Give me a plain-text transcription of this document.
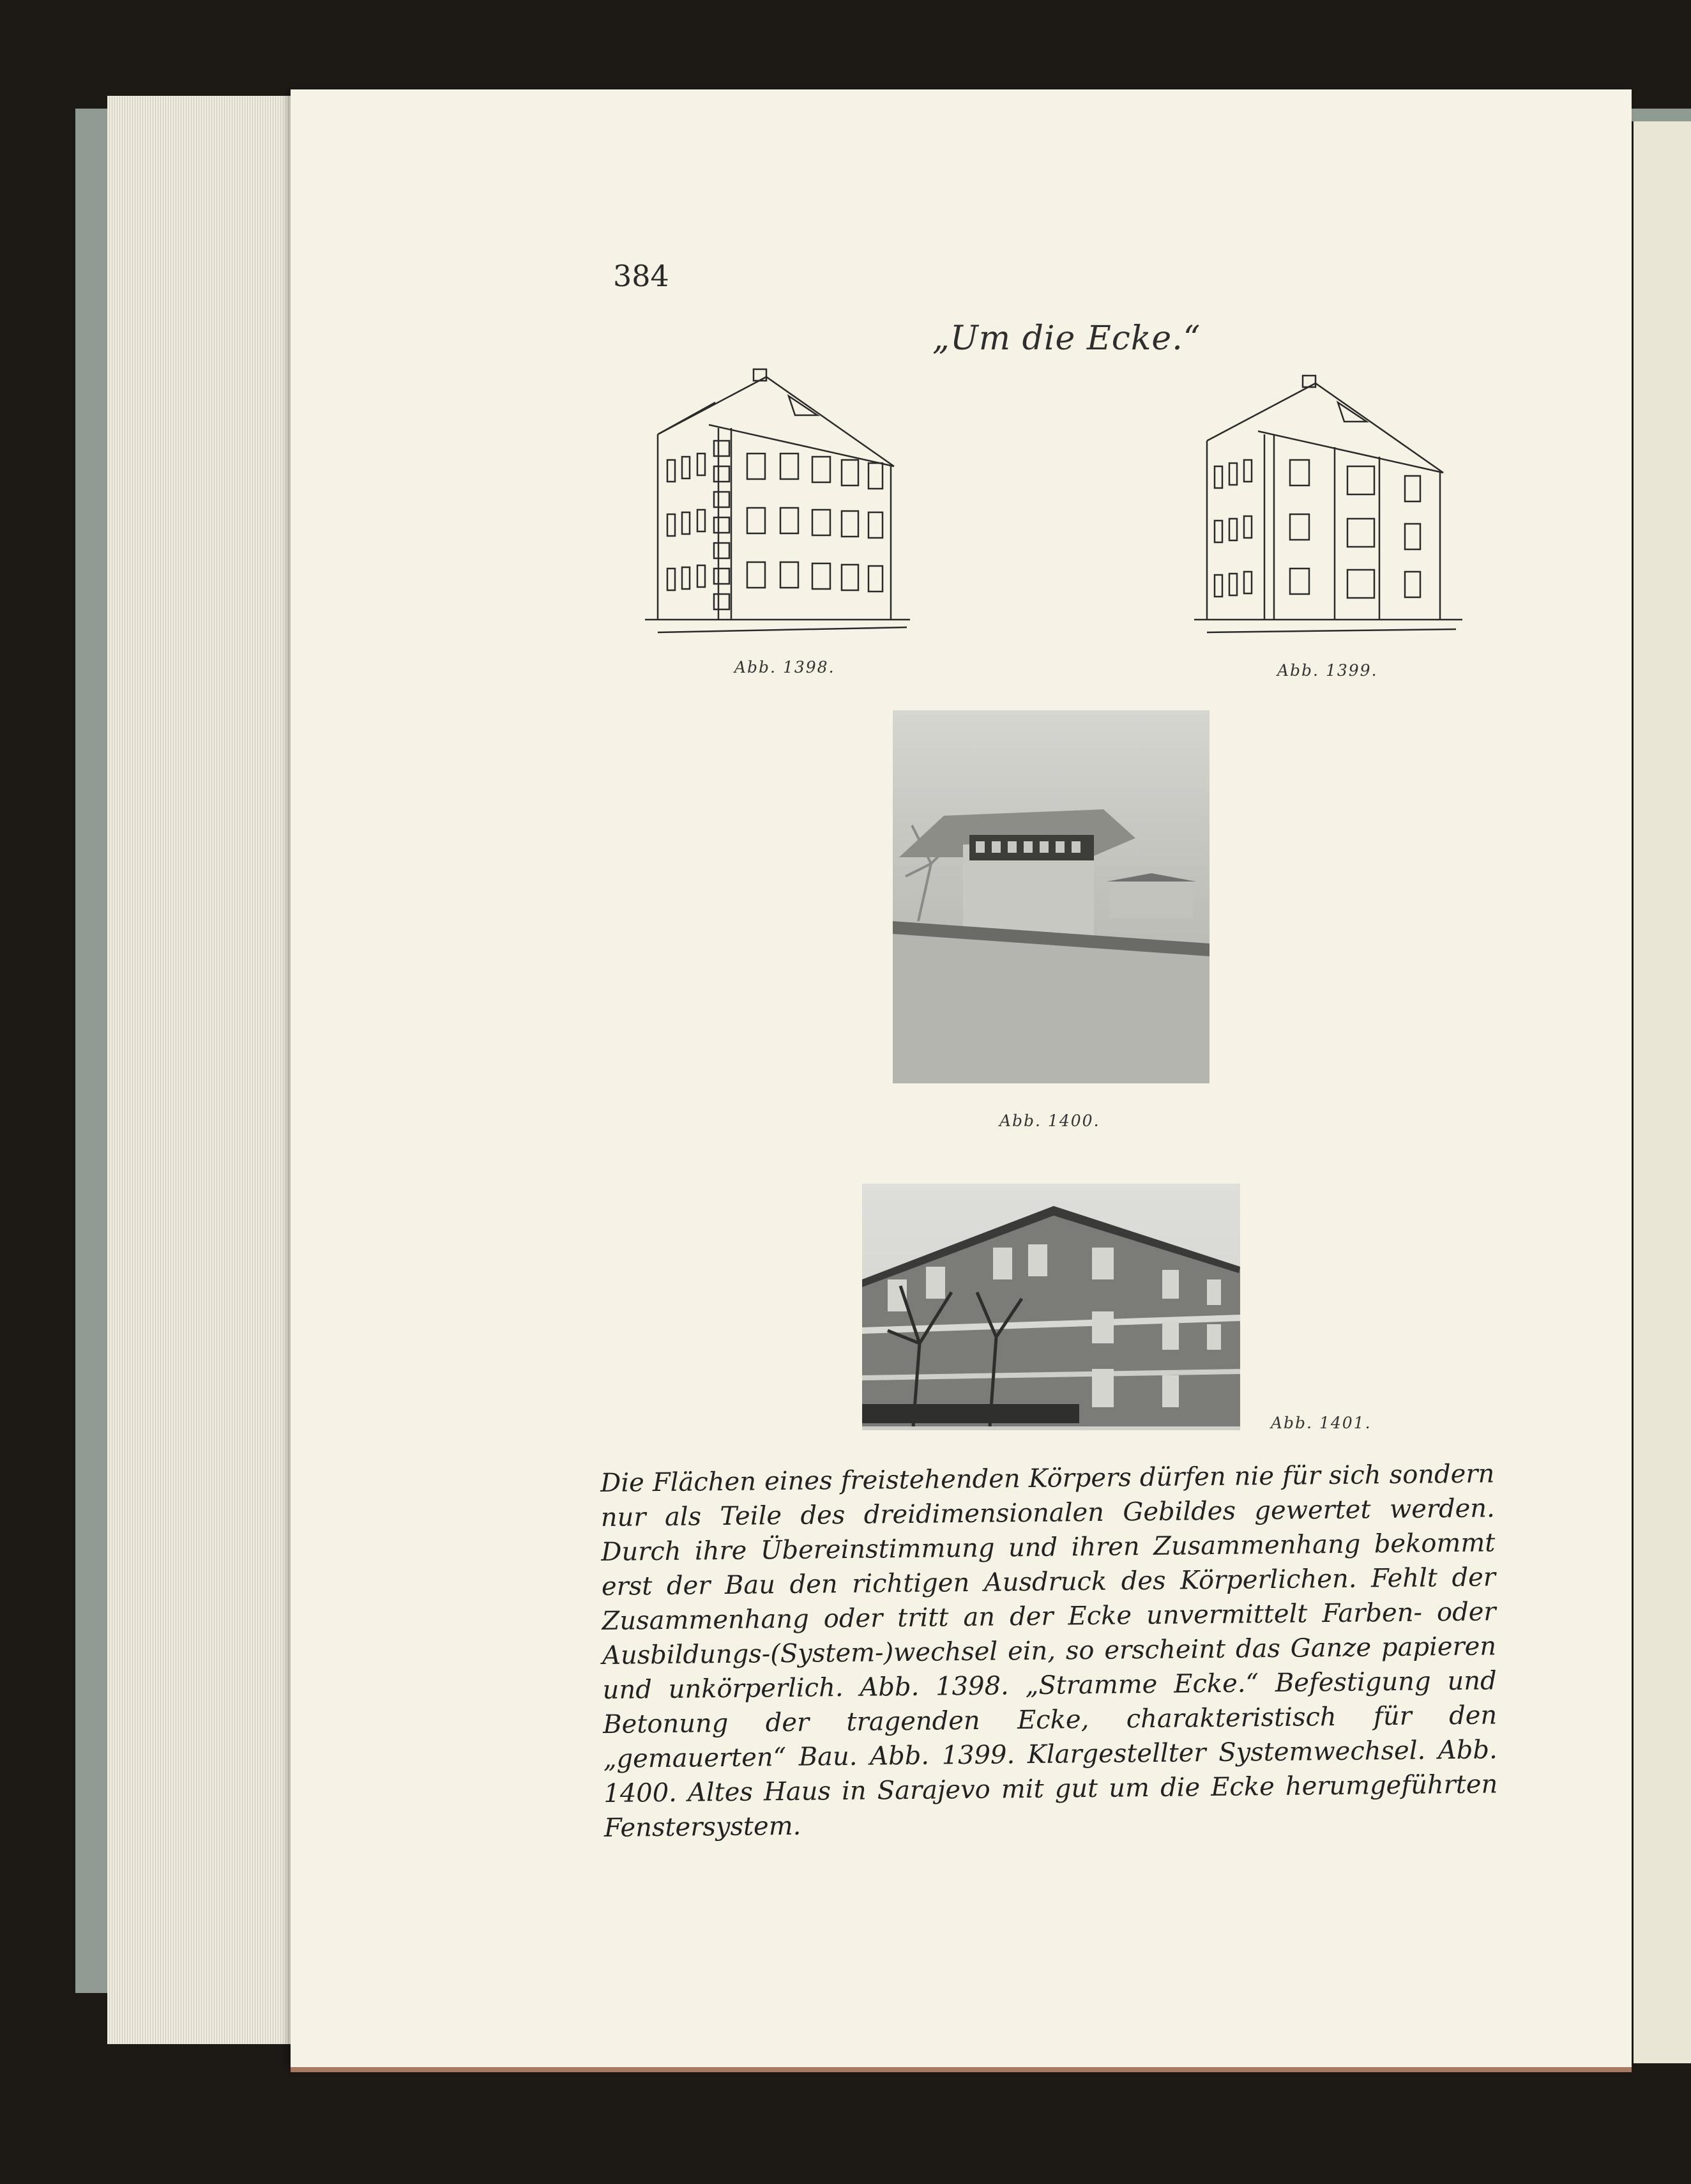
384
„Um die Ecke.“
Abb. 1398.	Abb. 1399.
Abb. 1400.
Abb. 1401.
Die Flächen eines freistehenden Körpers dürfen nie für sich sondern nur als Teile des dreidimensionalen Gebildes gewertet werden. Durch ihre Übereinstimmung und ihren Zusammenhang bekommt erst der Bau den richtigen Ausdruck des Körperlichen. Fehlt der Zusammenhang oder tritt an der Ecke unvermittelt Farben- oder Ausbildungs-(System-)wechsel ein, so erscheint das Ganze papieren und unkörperlich. Abb. 1398. „Stramme Ecke.“ Befestigung und Betonung der tragenden Ecke, charakteristisch für den „gemauerten“ Bau. Abb. 1399. Klargestellter Systemwechsel. Abb. 1400. Altes Haus in Sarajevo mit gut um die Ecke herumgeführten Fenstersystem.
